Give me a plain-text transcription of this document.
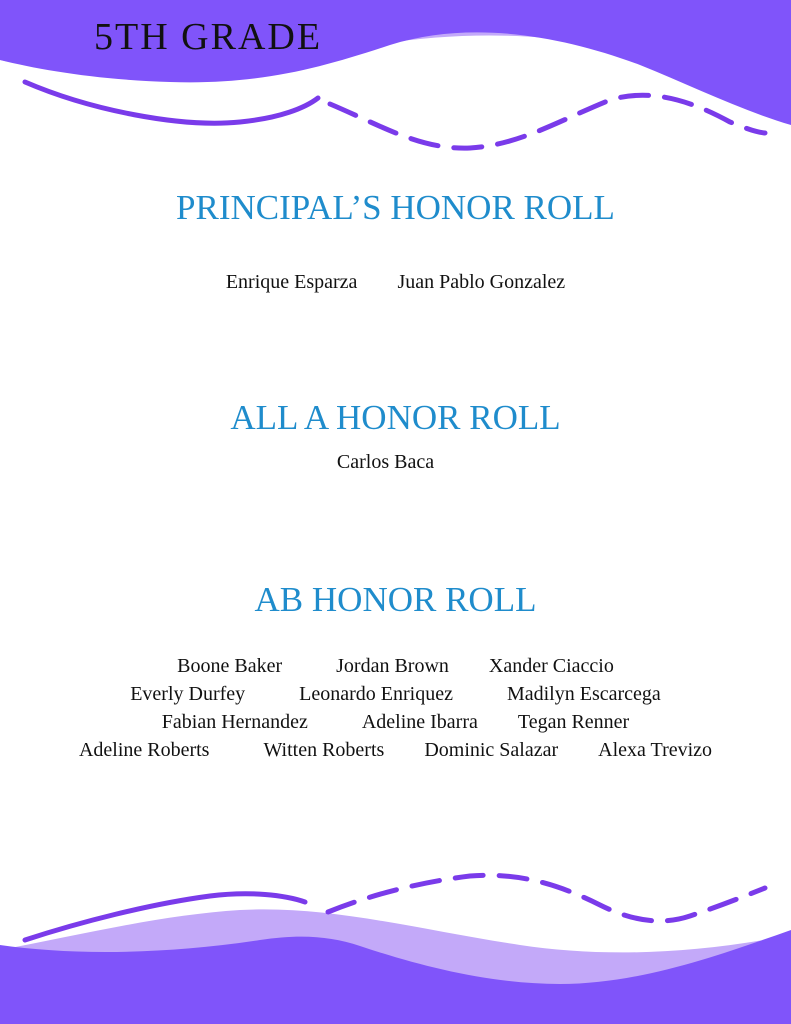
5TH GRADE
PRINCIPAL’S HONOR ROLL
Enrique Esparza Juan Pablo Gonzalez
ALL A HONOR ROLL
Carlos Baca
AB HONOR ROLL
Boone Baker	Jordan Brown Xander Ciaccio
Everly Durfey	Leonardo Enriquez	Madilyn Escarcega
Fabian Hernandez	Adeline Ibarra Tegan Renner
Adeline Roberts	Witten Roberts Dominic Salazar Alexa Trevizo
